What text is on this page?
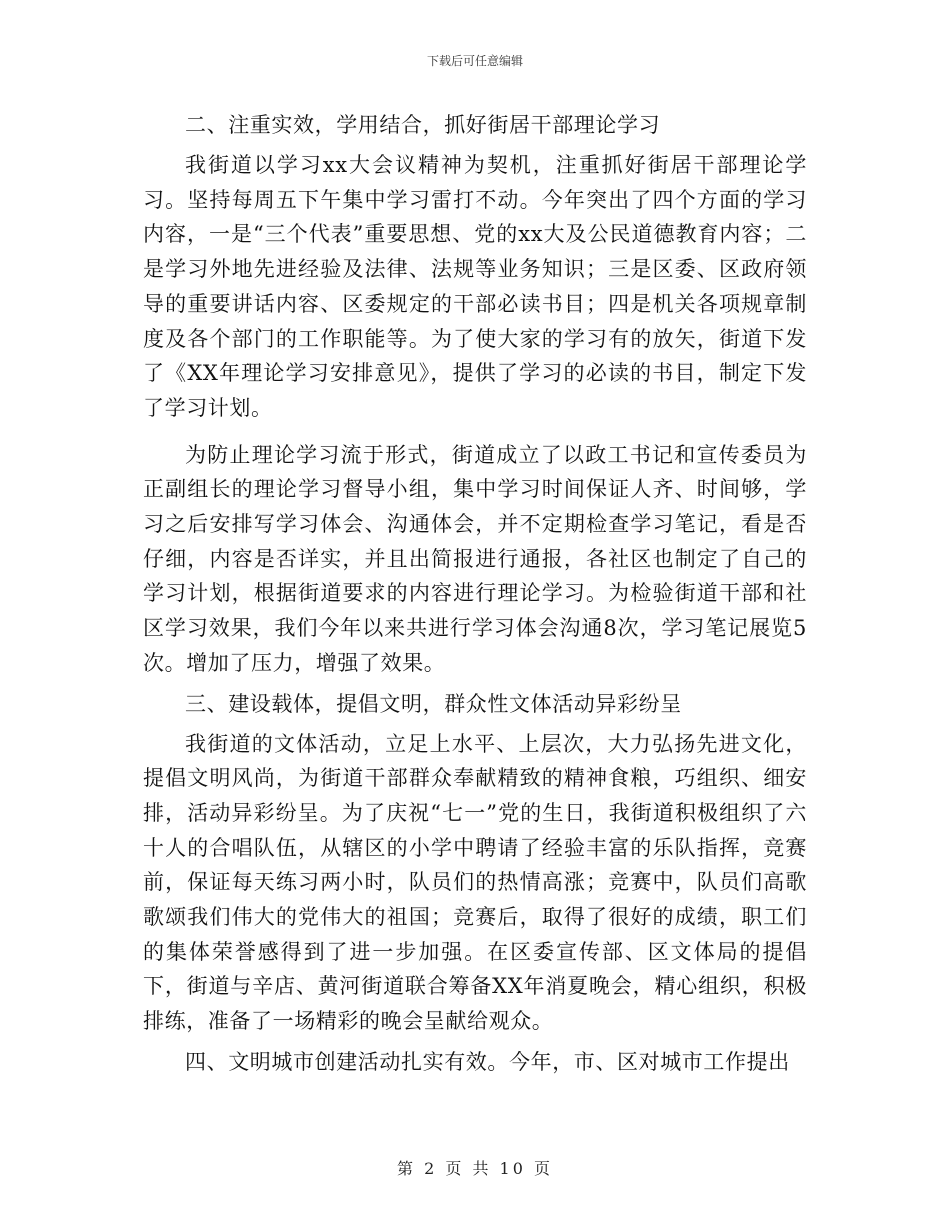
下载后可任意编辑

二、注重实效，学用结合，抓好街居干部理论学习

我街道以学习xx大会议精神为契机，注重抓好街居干部理论学习。坚持每周五下午集中学习雷打不动。今年突出了四个方面的学习内容，一是“三个代表”重要思想、党的xx大及公民道德教育内容；二是学习外地先进经验及法律、法规等业务知识；三是区委、区政府领导的重要讲话内容、区委规定的干部必读书目；四是机关各项规章制度及各个部门的工作职能等。为了使大家的学习有的放矢，街道下发了《XX年理论学习安排意见》，提供了学习的必读的书目，制定下发了学习计划。

为防止理论学习流于形式，街道成立了以政工书记和宣传委员为正副组长的理论学习督导小组，集中学习时间保证人齐、时间够，学习之后安排写学习体会、沟通体会，并不定期检查学习笔记，看是否仔细，内容是否详实，并且出简报进行通报，各社区也制定了自己的学习计划，根据街道要求的内容进行理论学习。为检验街道干部和社区学习效果，我们今年以来共进行学习体会沟通8次，学习笔记展览5次。增加了压力，增强了效果。

三、建设载体，提倡文明，群众性文体活动异彩纷呈

我街道的文体活动，立足上水平、上层次，大力弘扬先进文化，提倡文明风尚，为街道干部群众奉献精致的精神食粮，巧组织、细安排，活动异彩纷呈。为了庆祝“七一”党的生日，我街道积极组织了六十人的合唱队伍，从辖区的小学中聘请了经验丰富的乐队指挥，竞赛前，保证每天练习两小时，队员们的热情高涨；竞赛中，队员们高歌歌颂我们伟大的党伟大的祖国；竞赛后，取得了很好的成绩，职工们的集体荣誉感得到了进一步加强。在区委宣传部、区文体局的提倡下，街道与辛店、黄河街道联合筹备XX年消夏晚会，精心组织，积极排练，准备了一场精彩的晚会呈献给观众。

四、文明城市创建活动扎实有效。今年，市、区对城市工作提出

第 2 页 共 10 页
